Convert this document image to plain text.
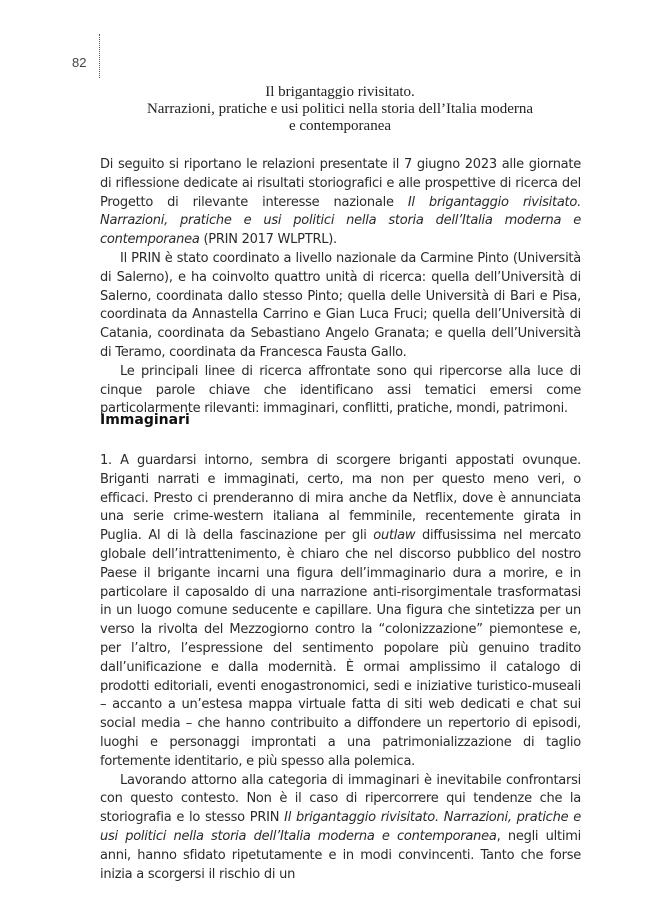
82
Il brigantaggio rivisitato.
Narrazioni, pratiche e usi politici nella storia dell’Italia moderna
e contemporanea

Di seguito si riportano le relazioni presentate il 7 giugno 2023 alle giornate di riflessione dedicate ai risultati storiografici e alle prospettive di ricerca del Progetto di rilevante interesse nazionale Il brigantaggio rivisitato. Narrazioni, pratiche e usi politici nella storia dell’Italia moderna e contemporanea (PRIN 2017 WLPTRL).

Il PRIN è stato coordinato a livello nazionale da Carmine Pinto (Università di Salerno), e ha coinvolto quattro unità di ricerca: quella dell’Università di Salerno, coordinata dallo stesso Pinto; quella delle Università di Bari e Pisa, coordinata da Annastella Carrino e Gian Luca Fruci; quella dell’Università di Catania, coordinata da Sebastiano Angelo Granata; e quella dell’Università di Teramo, coordinata da Francesca Fausta Gallo.

Le principali linee di ricerca affrontate sono qui ripercorse alla luce di cinque parole chiave che identificano assi tematici emersi come particolarmente rilevanti: immaginari, conflitti, pratiche, mondi, patrimoni.

Immaginari

1. A guardarsi intorno, sembra di scorgere briganti appostati ovunque. Briganti narrati e immaginati, certo, ma non per questo meno veri, o efficaci. Presto ci prenderanno di mira anche da Netflix, dove è annunciata una serie crime-western italiana al femminile, recentemente girata in Puglia. Al di là della fascinazione per gli outlaw diffusissima nel mercato globale dell’intrattenimento, è chiaro che nel discorso pubblico del nostro Paese il brigante incarni una figura dell’immaginario dura a morire, e in particolare il caposaldo di una narrazione anti-risorgimentale trasformatasi in un luogo comune seducente e capillare. Una figura che sintetizza per un verso la rivolta del Mezzogiorno contro la “colonizzazione” piemontese e, per l’altro, l’espressione del sentimento popolare più genuino tradito dall’unificazione e dalla modernità. È ormai amplissimo il catalogo di prodotti editoriali, eventi enogastronomici, sedi e iniziative turistico-museali – accanto a un’estesa mappa virtuale fatta di siti web dedicati e chat sui social media – che hanno contribuito a diffondere un repertorio di episodi, luoghi e personaggi improntati a una patrimonializzazione di taglio fortemente identitario, e più spesso alla polemica.

Lavorando attorno alla categoria di immaginari è inevitabile confrontarsi con questo contesto. Non è il caso di ripercorrere qui tendenze che la storiografia e lo stesso PRIN Il brigantaggio rivisitato. Narrazioni, pratiche e usi politici nella storia dell’Italia moderna e contemporanea, negli ultimi anni, hanno sfidato ripetutamente e in modi convincenti. Tanto che forse inizia a scorgersi il rischio di un
